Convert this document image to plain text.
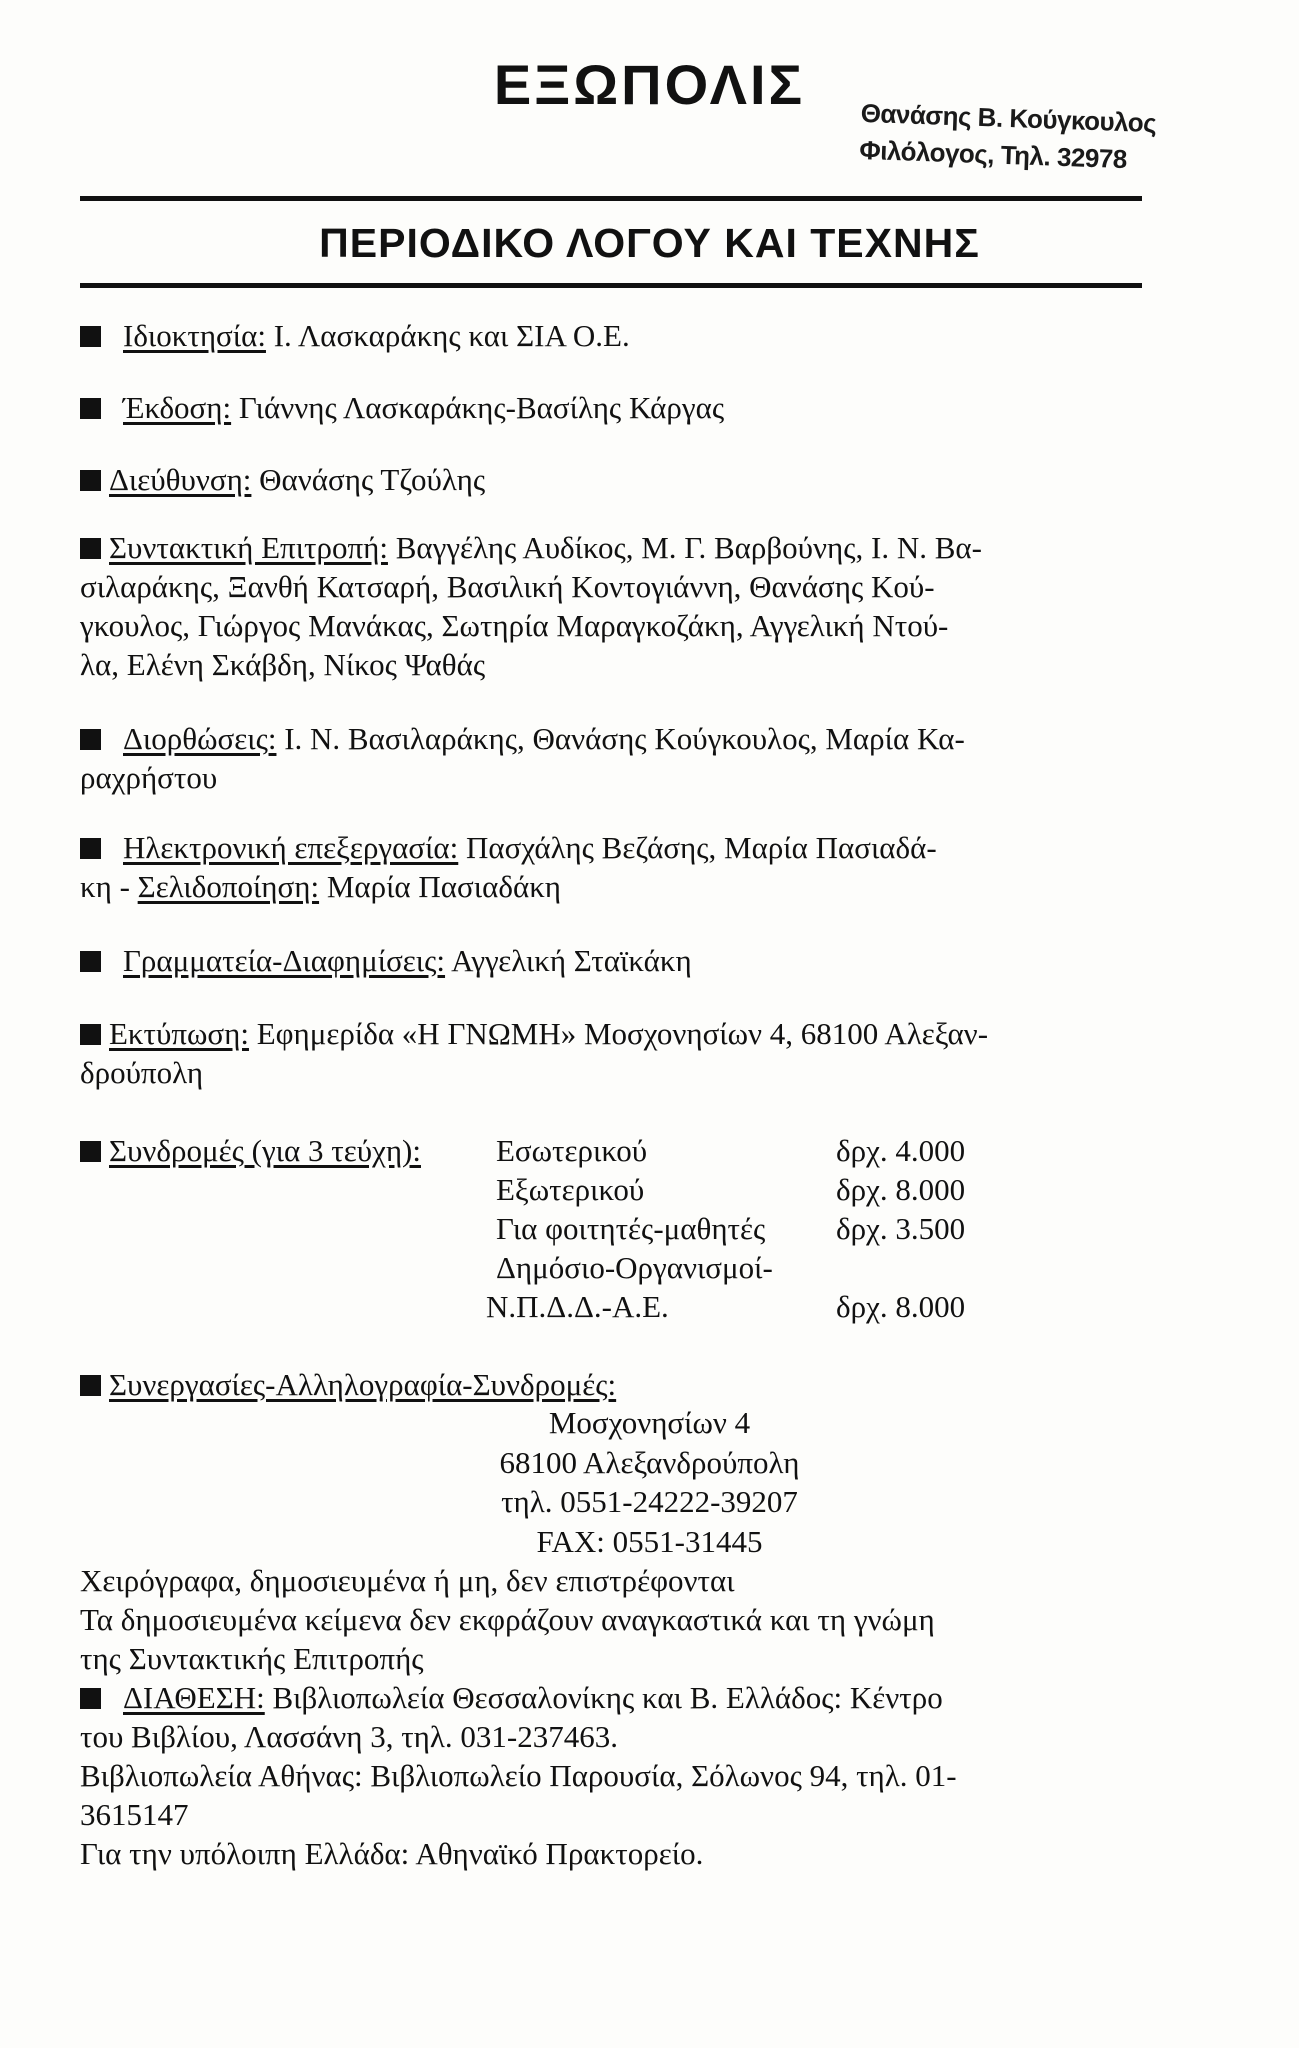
ΕΞΩΠΟΛΙΣ
Θανάσης Β. Κούγκουλος
Φιλόλογος, Τηλ. 32978
ΠΕΡΙΟΔΙΚΟ ΛΟΓΟΥ ΚΑΙ ΤΕΧΝΗΣ
Ιδιοκτησία: Ι. Λασκαράκης και ΣΙΑ Ο.Ε.
Έκδοση: Γιάννης Λασκαράκης-Βασίλης Κάργας
Διεύθυνση: Θανάσης Τζούλης
Συντακτική Επιτροπή: Βαγγέλης Αυδίκος, Μ. Γ. Βαρβούνης, Ι. Ν. Βα-
σιλαράκης, Ξανθή Κατσαρή, Βασιλική Κοντογιάννη, Θανάσης Κού-
γκουλος, Γιώργος Μανάκας, Σωτηρία Μαραγκοζάκη, Αγγελική Ντού-
λα, Ελένη Σκάβδη, Νίκος Ψαθάς
Διορθώσεις: Ι. Ν. Βασιλαράκης, Θανάσης Κούγκουλος, Μαρία Κα-
ραχρήστου
Ηλεκτρονική επεξεργασία: Πασχάλης Βεζάσης, Μαρία Πασιαδά-
κη - Σελιδοποίηση: Μαρία Πασιαδάκη
Γραμματεία-Διαφημίσεις: Αγγελική Σταϊκάκη
Εκτύπωση: Εφημερίδα «Η ΓΝΩΜΗ» Μοσχονησίων 4, 68100 Αλεξαν-
δρούπολη
Συνδρομές (για 3 τεύχη):	Εσωτερικού	δρχ. 4.000
Εξωτερικού	δρχ. 8.000
Για φοιτητές-μαθητές δρχ. 3.500
Δημόσιο-Οργανισμοί-
Ν.Π.Δ.Δ.-Α.Ε.	δρχ. 8.000
Συνεργασίες-Αλληλογραφία-Συνδρομές:
Μοσχονησίων 4
68100 Αλεξανδρούπολη
τηλ. 0551-24222-39207
FAX: 0551-31445
Χειρόγραφα, δημοσιευμένα ή μη, δεν επιστρέφονται
Τα δημοσιευμένα κείμενα δεν εκφράζουν αναγκαστικά και τη γνώμη
της Συντακτικής Επιτροπής
ΔΙΑΘΕΣΗ: Βιβλιοπωλεία Θεσσαλονίκης και Β. Ελλάδος: Κέντρο
του Βιβλίου, Λασσάνη 3, τηλ. 031-237463.
Βιβλιοπωλεία Αθήνας: Βιβλιοπωλείο Παρουσία, Σόλωνος 94, τηλ. 01-
3615147
Για την υπόλοιπη Ελλάδα: Αθηναϊκό Πρακτορείο.
